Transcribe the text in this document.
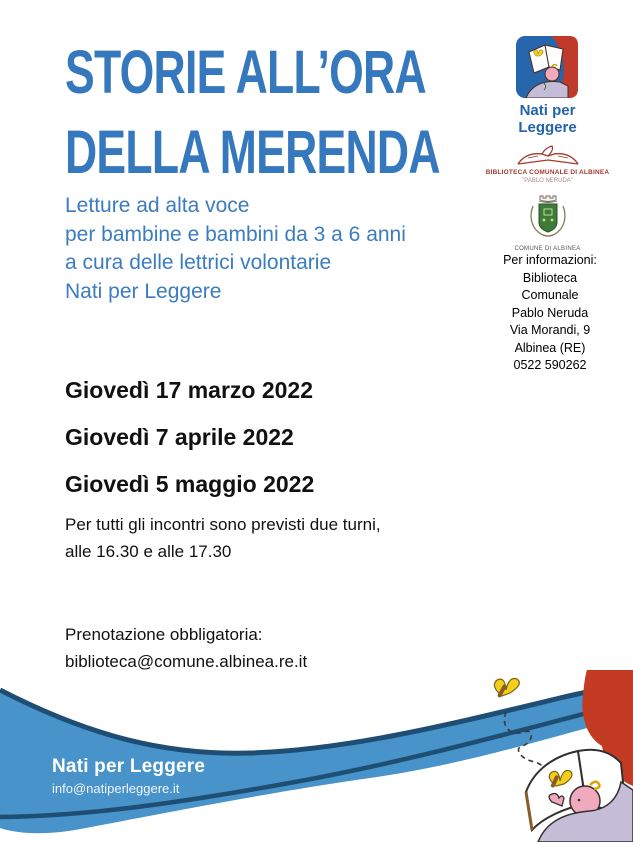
STORIE ALL’ORA
DELLA MERENDA
Letture ad alta voce
per bambine e bambini da 3 a 6 anni
a cura delle lettrici volontarie
Nati per Leggere
Giovedì 17 marzo 2022
Giovedì 7 aprile 2022
Giovedì 5 maggio 2022
Per tutti gli incontri sono previsti due turni,
alle 16.30 e alle 17.30
Prenotazione obbligatoria:
biblioteca@comune.albinea.re.it
Nati per Leggere
BIBLIOTECA COMUNALE DI ALBINEA
"PABLO NERUDA"
COMUNE DI ALBINEA
Per informazioni:
Biblioteca
Comunale
Pablo Neruda
Via Morandi, 9
Albinea (RE)
0522 590262
Nati per Leggere
info@natiperleggere.it
